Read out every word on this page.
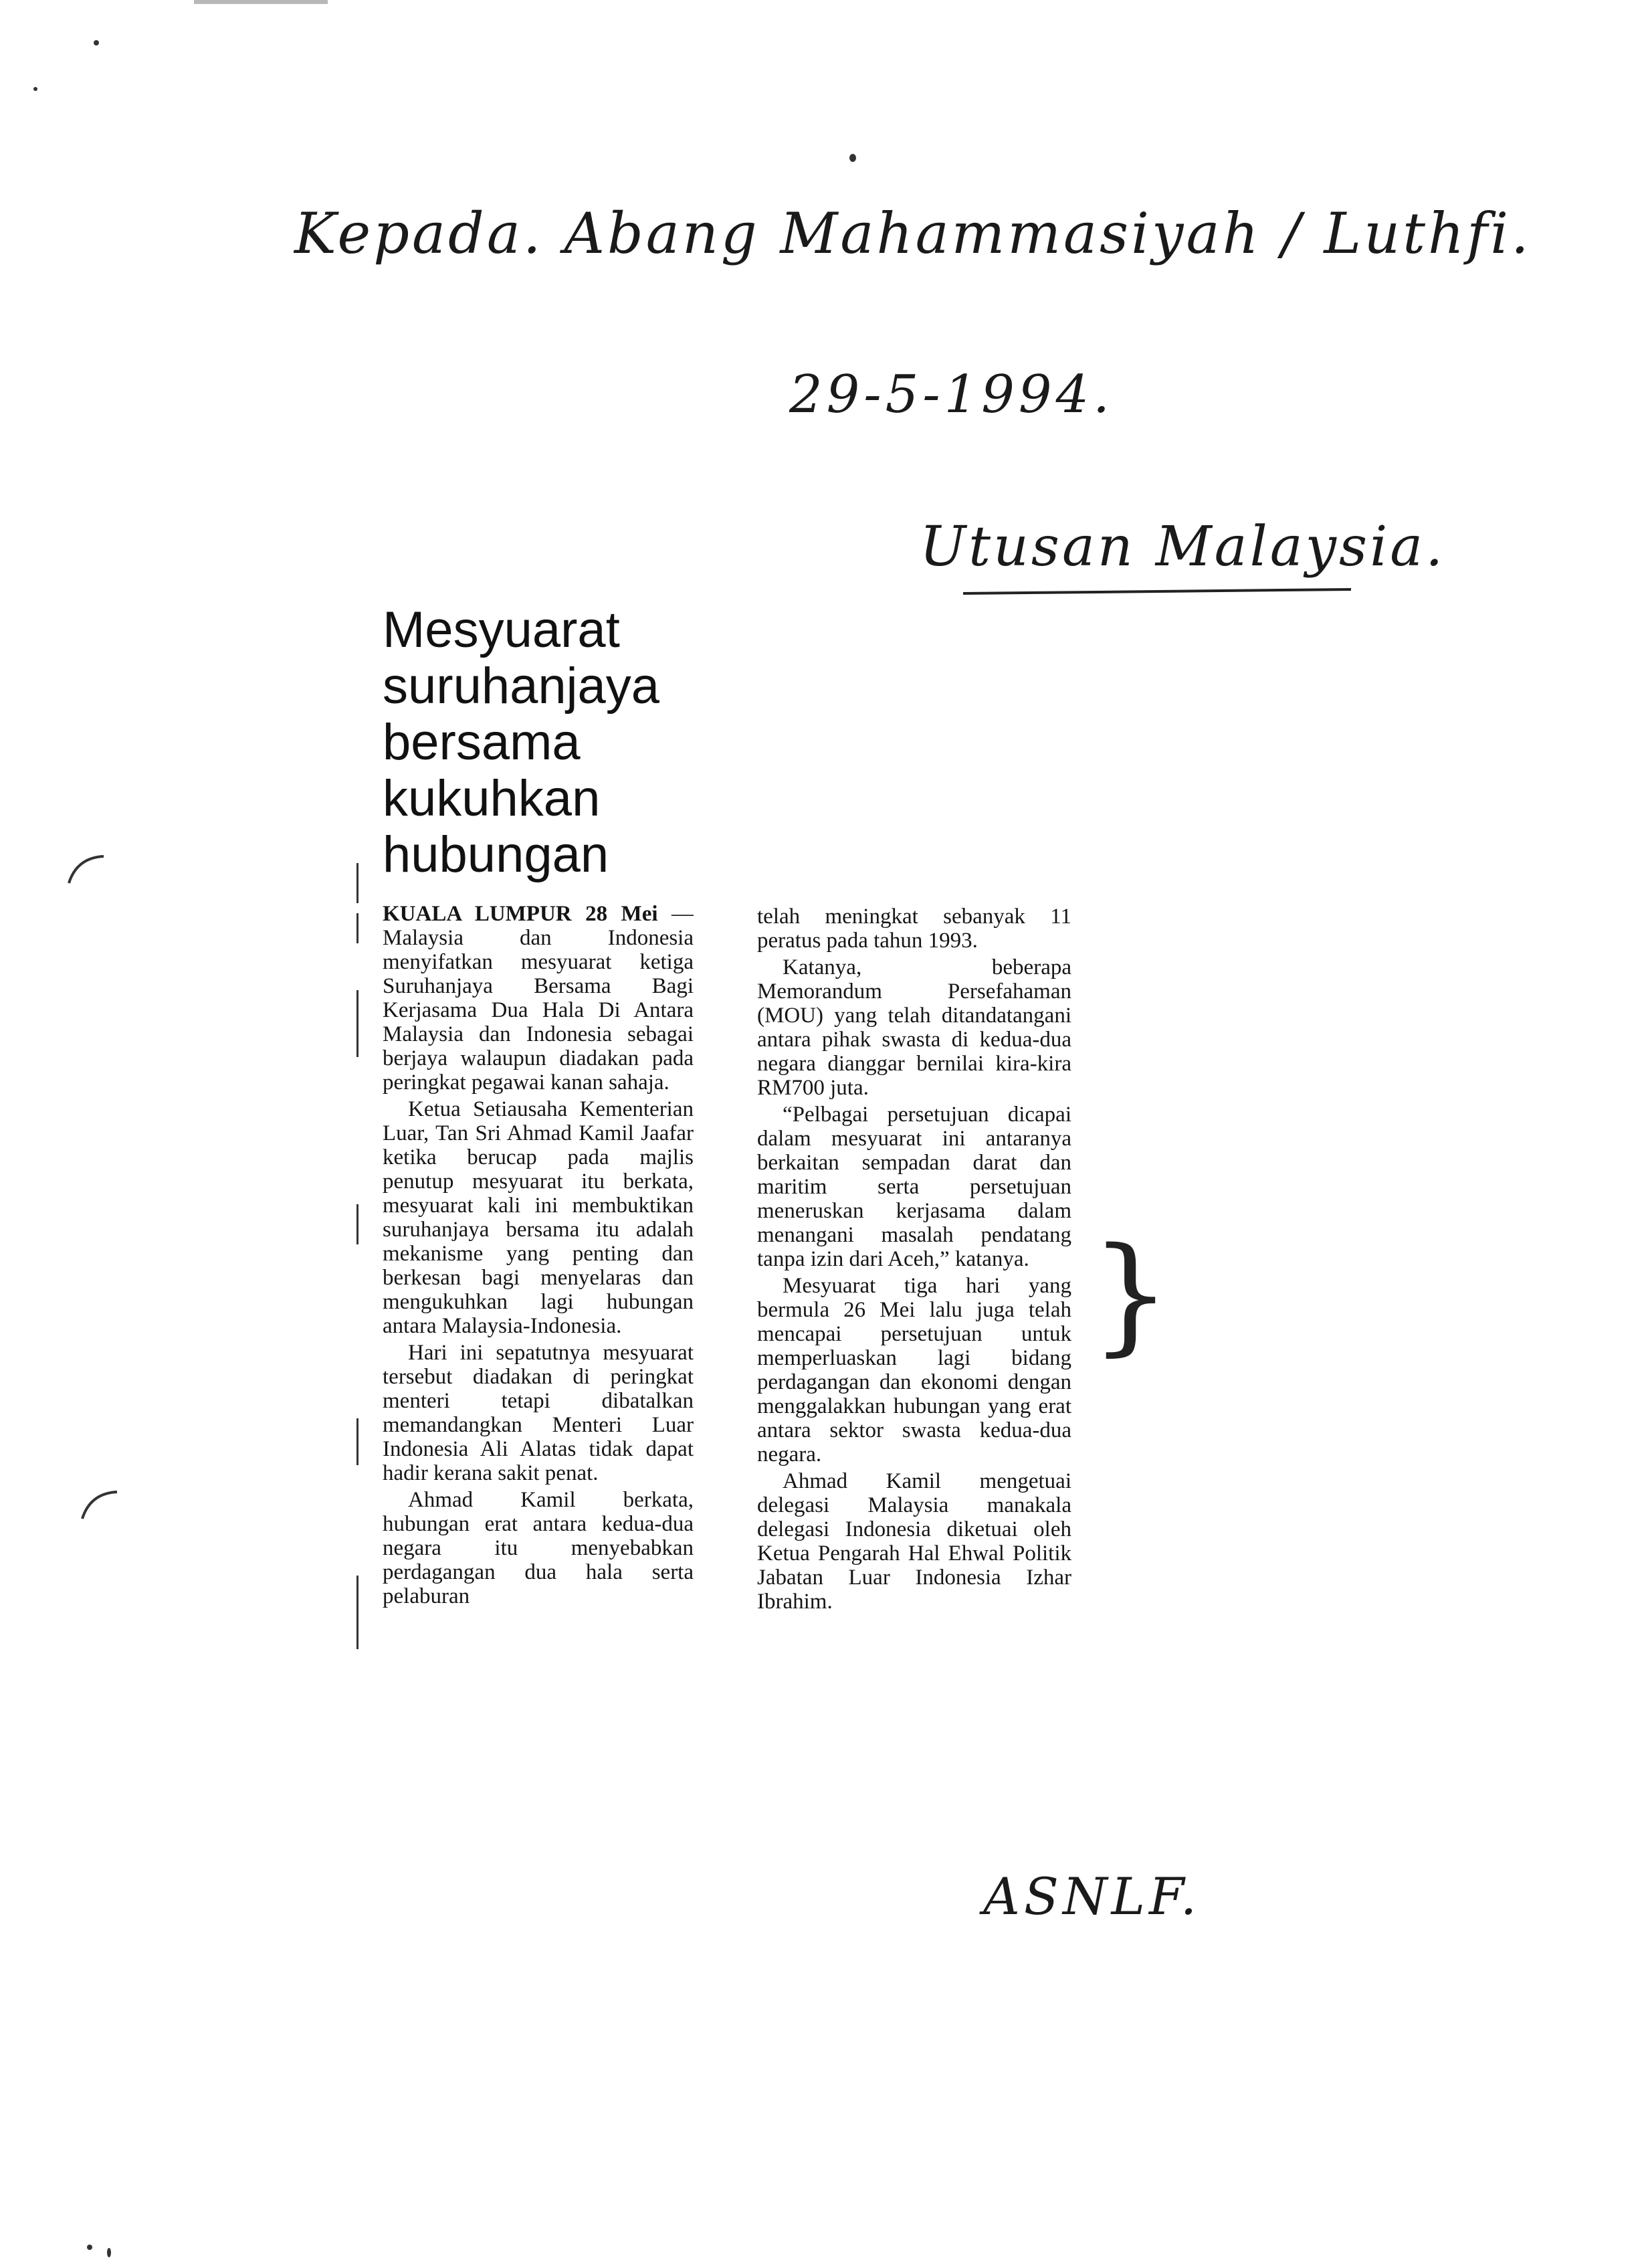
Kepada. Abang Mahammasiyah / Luthfi.
29-5-1994.
Utusan Malaysia.
Mesyuarat
suruhanjaya
bersama
kukuhkan
hubungan

KUALA LUMPUR 28 Mei — Malaysia dan Indonesia menyifatkan mesyuarat ketiga Suruhanjaya Bersama Bagi Kerjasama Dua Hala Di Antara Malaysia dan Indonesia sebagai berjaya walaupun diadakan pada peringkat pegawai kanan sahaja.

Ketua Setiausaha Kementerian Luar, Tan Sri Ahmad Kamil Jaafar ketika berucap pada majlis penutup mesyuarat itu berkata, mesyuarat kali ini membuktikan suruhanjaya bersama itu adalah mekanisme yang penting dan berkesan bagi menyelaras dan mengukuhkan lagi hubungan antara Malaysia-Indonesia.

Hari ini sepatutnya mesyuarat tersebut diadakan di peringkat menteri tetapi dibatalkan memandangkan Menteri Luar Indonesia Ali Alatas tidak dapat hadir kerana sakit penat.

Ahmad Kamil berkata, hubungan erat antara kedua-dua negara itu menyebabkan perdagangan dua hala serta pelaburan

telah meningkat sebanyak 11 peratus pada tahun 1993.

Katanya, beberapa Memorandum Persefahaman (MOU) yang telah ditandatangani antara pihak swasta di kedua-dua negara dianggar bernilai kira-kira RM700 juta.

“Pelbagai persetujuan dicapai dalam mesyuarat ini antaranya berkaitan sempadan darat dan maritim serta persetujuan meneruskan kerjasama dalam menangani masalah pendatang tanpa izin dari Aceh,” katanya.

Mesyuarat tiga hari yang bermula 26 Mei lalu juga telah mencapai persetujuan untuk memperluaskan lagi bidang perdagangan dan ekonomi dengan menggalakkan hubungan yang erat antara sektor swasta kedua-dua negara.

Ahmad Kamil mengetuai delegasi Malaysia manakala delegasi Indonesia diketuai oleh Ketua Pengarah Hal Ehwal Politik Jabatan Luar Indonesia Izhar Ibrahim.

}
ASNLF.
